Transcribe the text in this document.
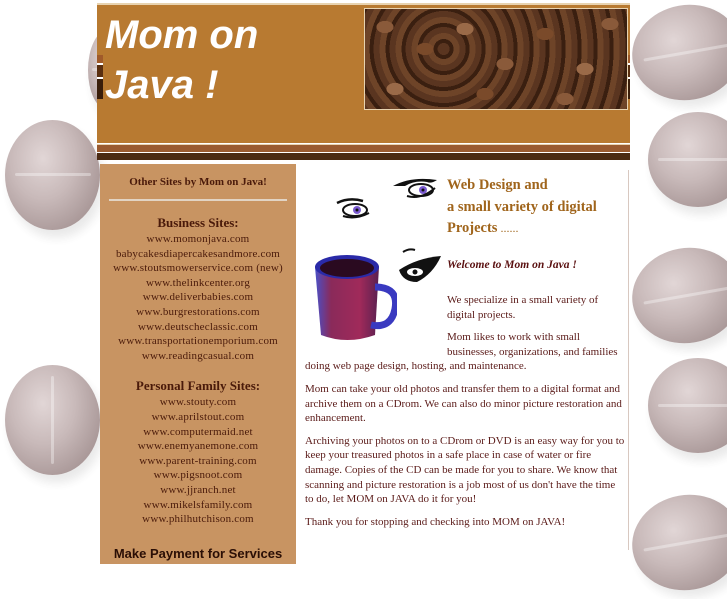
Mom on Java !
Other Sites by Mom on Java!
Business Sites:
www.momonjava.com
babycakesdiapercakesandmore.com
www.stoutsmowerservice.com (new)
www.thelinkcenter.org
www.deliverbabies.com
www.burgrestorations.com
www.deutscheclassic.com
www.transportationemporium.com
www.readingcasual.com
Personal Family Sites:
www.stouty.com
www.aprilstout.com
www.computermaid.net
www.enemyanemone.com
www.parent-training.com
www.pigsnoot.com
www.jjranch.net
www.mikelsfamily.com
www.philhutchison.com
Make Payment for Services
Web Design and
a small variety of digital
Projects ......
Welcome to Mom on Java !

We specialize in a small variety of
digital projects.

Mom likes to work with small
businesses, organizations, and families
doing web page design, hosting, and maintenance.

Mom can take your old photos and transfer them to a digital format and archive them on a CDrom. We can also do minor picture restoration and enhancement.

Archiving your photos on to a CDrom or DVD is an easy way for you to keep your treasured photos in a safe place in case of water or fire damage. Copies of the CD can be made for you to share. We know that scanning and picture restoration is a job most of us don't have the time to do, let MOM on JAVA do it for you!

Thank you for stopping and checking into MOM on JAVA!
